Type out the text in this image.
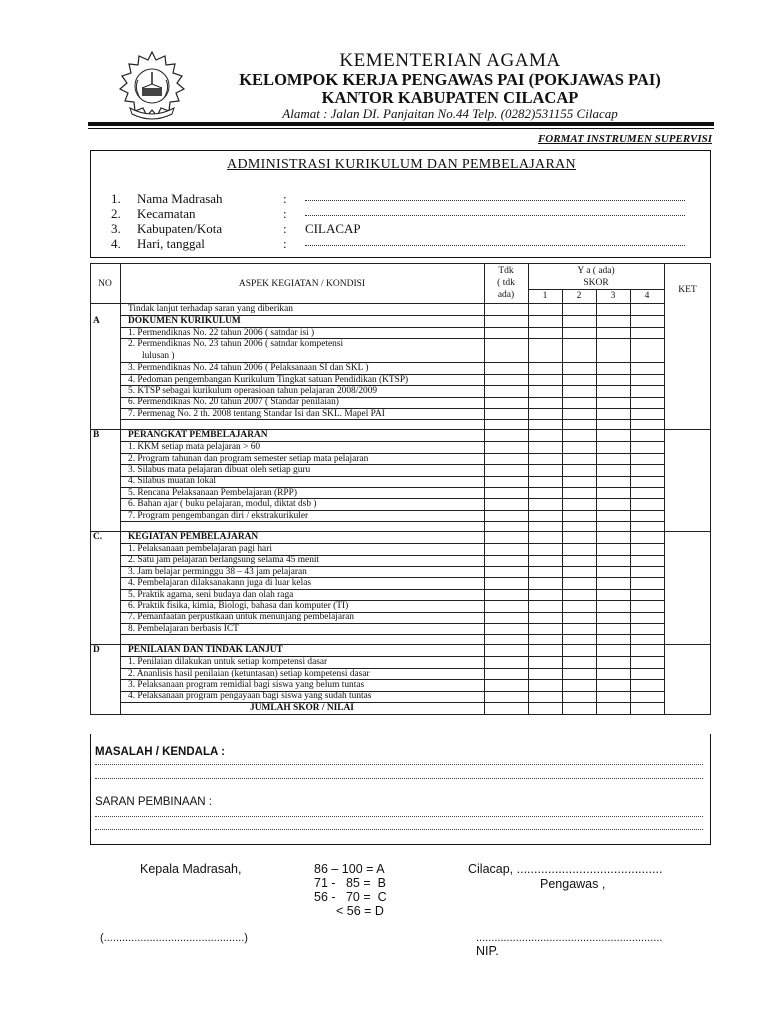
KEMENTERIAN AGAMA
KELOMPOK KERJA PENGAWAS PAI (POKJAWAS PAI)
KANTOR KABUPATEN CILACAP
Alamat : Jalan DI. Panjaitan No.44 Telp. (0282)531155 Cilacap
FORMAT INSTRUMEN SUPERVISI
ADMINISTRASI KURIKULUM DAN PEMBELAJARAN
1.	Nama Madrasah	:
2.	Kecamatan	:
3.	Kabupaten/Kota	: CILACAP
4.	Hari, tanggal	:
NO	ASPEK KEGIATAN / KONDISI
Tdk
( tdk
ada)
Y a ( ada)
SKOR
1	2	3	4
KET
Tindak lanjut terhadap saran yang diberikan
A	DOKUMEN KURIKULUM
1. Permendiknas No. 22 tahun 2006 ( satndar isi )
2. Permendiknas No. 23 tahun 2006 ( satndar kompetensi
lulusan )
3. Permendiknas No. 24 tahun 2006 ( Pelaksanaan SI dan SKL )
4. Pedoman pengembangan Kurikulum Tingkat satuan Pendidikan (KTSP)
5. KTSP sebagai kurikulum operasioan tahun pelajaran 2008/2009
6. Permendiknas No. 20 tahun 2007 ( Standar penilaian)
7. Permenag No. 2 th. 2008 tentang Standar Isi dan SKL. Mapel PAI
B	PERANGKAT PEMBELAJARAN
1. KKM setiap mata pelajaran > 60
2. Program tahunan dan program semester setiap mata pelajaran
3. Silabus mata pelajaran dibuat oleh setiap guru
4. Silabus muatan lokal
5. Rencana Pelaksanaan Pembelajaran (RPP)
6. Bahan ajar ( buku pelajaran, modul, diktat dsb )
7. Program pengembangan diri / ekstrakurikuler
C.	KEGIATAN PEMBELAJARAN
1. Pelaksanaan pembelajaran pagi hari
2. Satu jam pelajaran berlangsung selama 45 menit
3. Jam belajar perminggu 38 – 43 jam pelajaran
4. Pembelajaran dilaksanakann juga di luar kelas
5. Praktik agama, seni budaya dan olah raga
6. Praktik fisika, kimia, Biologi, bahasa dan komputer (TI)
7. Pemanfaatan perpustkaan untuk menunjang pembelajaran
8. Pembelajaran berbasis ICT
D	PENILAIAN DAN TINDAK LANJUT
1. Penilaian dilakukan untuk setiap kompetensi dasar
2. Ananlisis hasil penilaian (ketuntasan) setiap kompetensi dasar
3. Pelaksanaan program remidial bagi siswa yang belum tuntas
4. Pelaksanaan program pengayaan bagi siswa yang sudah tuntas
JUMLAH SKOR / NILAI
MASALAH / KENDALA :
SARAN PEMBINAAN :
Kepala Madrasah,	86 – 100 = A
71 -   85 =  B
56 -   70 =  C
< 56 = D
Cilacap, ..........................................
Pengawas ,
(..............................................)	.............................................................
NIP.
